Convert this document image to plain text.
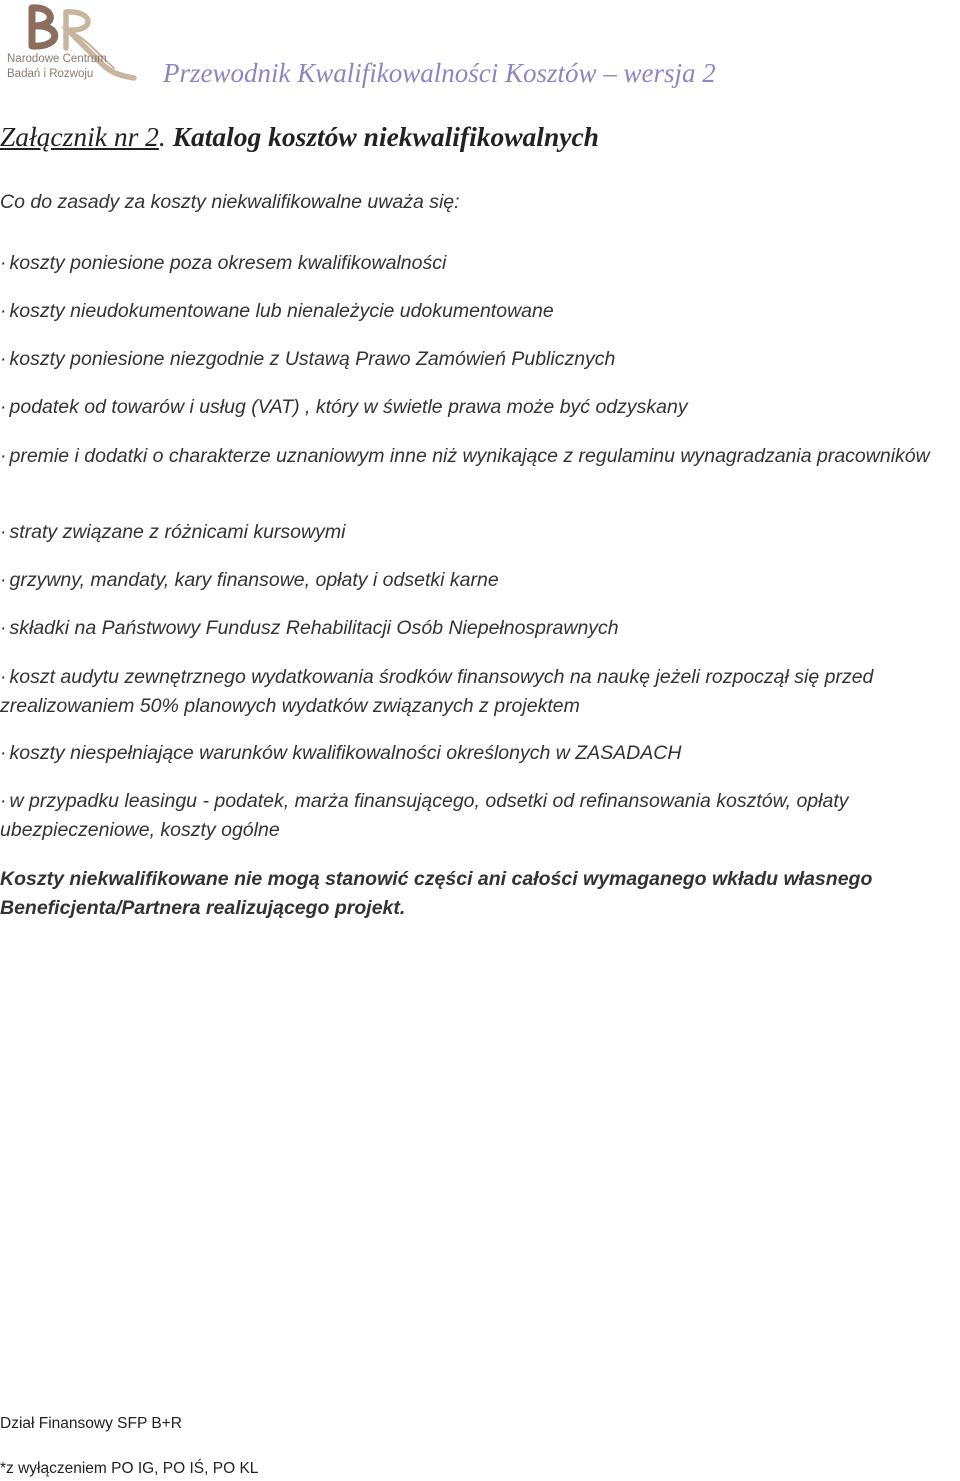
Narodowe Centrum
Badań i Rozwoju	Przewodnik Kwalifikowalności Kosztów – wersja 2
Załącznik nr 2. Katalog kosztów niekwalifikowalnych
Co do zasady za koszty niekwalifikowalne uważa się:
· koszty poniesione poza okresem kwalifikowalności
· koszty nieudokumentowane lub nienależycie udokumentowane
· koszty poniesione niezgodnie z Ustawą Prawo Zamówień Publicznych
· podatek od towarów i usług (VAT) , który w świetle prawa może być odzyskany
· premie i dodatki o charakterze uznaniowym inne niż wynikające z regulaminu wynagradzania pracowników
· straty związane z różnicami kursowymi
· grzywny, mandaty, kary finansowe, opłaty i odsetki karne
· składki na Państwowy Fundusz Rehabilitacji Osób Niepełnosprawnych
· koszt audytu zewnętrznego wydatkowania środków finansowych na naukę jeżeli rozpoczął się przed zrealizowaniem 50% planowych wydatków związanych z projektem
· koszty niespełniające warunków kwalifikowalności określonych w ZASADACH
· w przypadku leasingu - podatek, marża finansującego, odsetki od refinansowania kosztów, opłaty ubezpieczeniowe, koszty ogólne
Koszty niekwalifikowane nie mogą stanowić części ani całości wymaganego wkładu własnego Beneficjenta/Partnera realizującego projekt.
Dział Finansowy SFP B+R
*z wyłączeniem PO IG, PO IŚ, PO KL
